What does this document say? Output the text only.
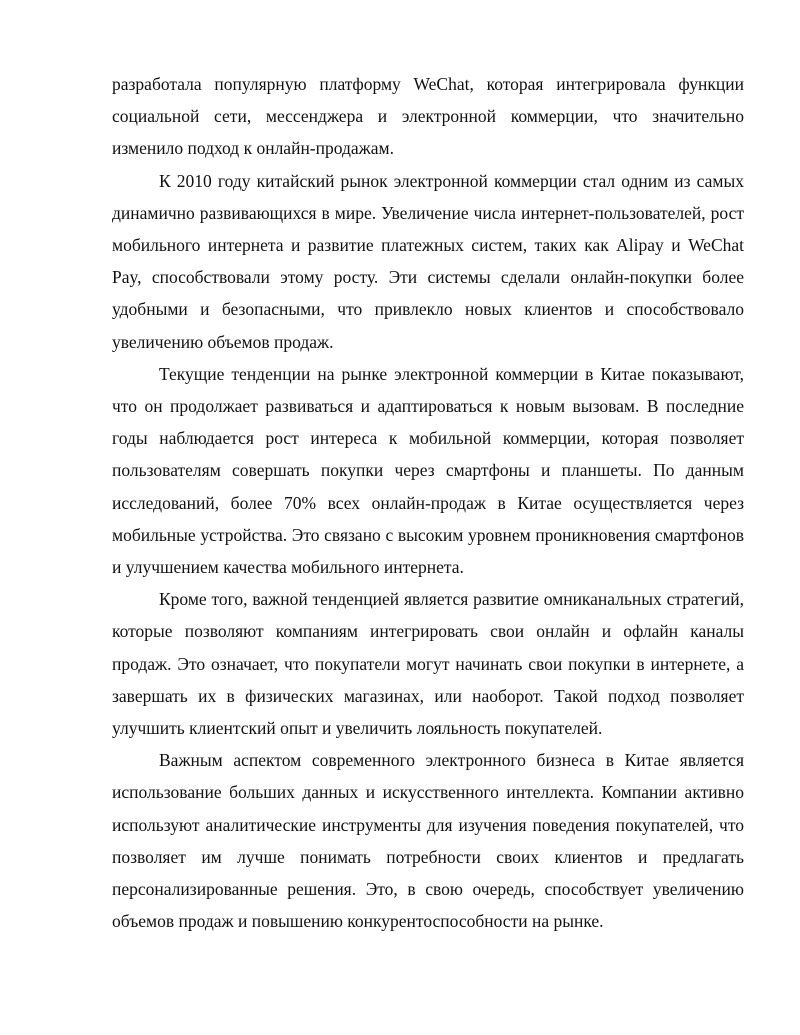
разработала популярную платформу WeChat, которая интегрировала функции социальной сети, мессенджера и электронной коммерции, что значительно изменило подход к онлайн-продажам.

К 2010 году китайский рынок электронной коммерции стал одним из самых динамично развивающихся в мире. Увеличение числа интернет-пользователей, рост мобильного интернета и развитие платежных систем, таких как Alipay и WeChat Pay, способствовали этому росту. Эти системы сделали онлайн-покупки более удобными и безопасными, что привлекло новых клиентов и способствовало увеличению объемов продаж.

Текущие тенденции на рынке электронной коммерции в Китае показывают, что он продолжает развиваться и адаптироваться к новым вызовам. В последние годы наблюдается рост интереса к мобильной коммерции, которая позволяет пользователям совершать покупки через смартфоны и планшеты. По данным исследований, более 70% всех онлайн-продаж в Китае осуществляется через мобильные устройства. Это связано с высоким уровнем проникновения смартфонов и улучшением качества мобильного интернета.

Кроме того, важной тенденцией является развитие омниканальных стратегий, которые позволяют компаниям интегрировать свои онлайн и офлайн каналы продаж. Это означает, что покупатели могут начинать свои покупки в интернете, а завершать их в физических магазинах, или наоборот. Такой подход позволяет улучшить клиентский опыт и увеличить лояльность покупателей.

Важным аспектом современного электронного бизнеса в Китае является использование больших данных и искусственного интеллекта. Компании активно используют аналитические инструменты для изучения поведения покупателей, что позволяет им лучше понимать потребности своих клиентов и предлагать персонализированные решения. Это, в свою очередь, способствует увеличению объемов продаж и повышению конкурентоспособности на рынке.
